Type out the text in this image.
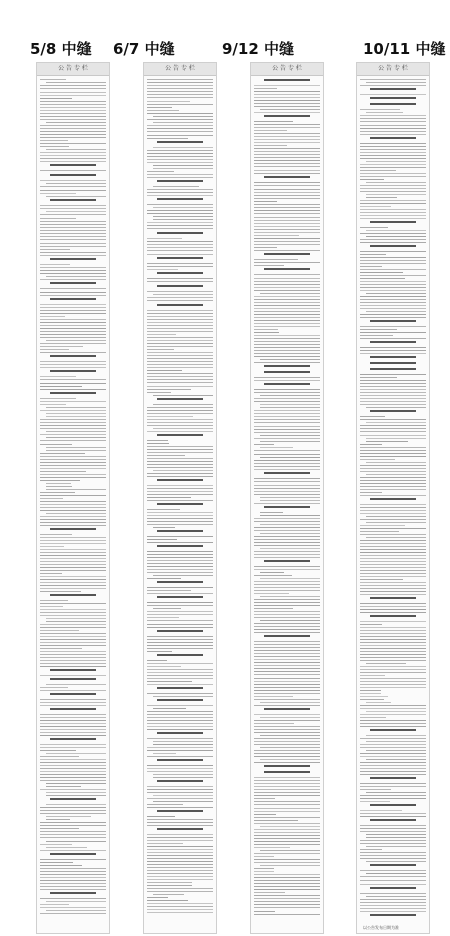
5/8 中缝 6/7 中缝	9/12 中缝	10/11 中缝
公 告 专 栏	公 告 专 栏	公 告 专 栏	公 告 专 栏
以公告发布日期为准
